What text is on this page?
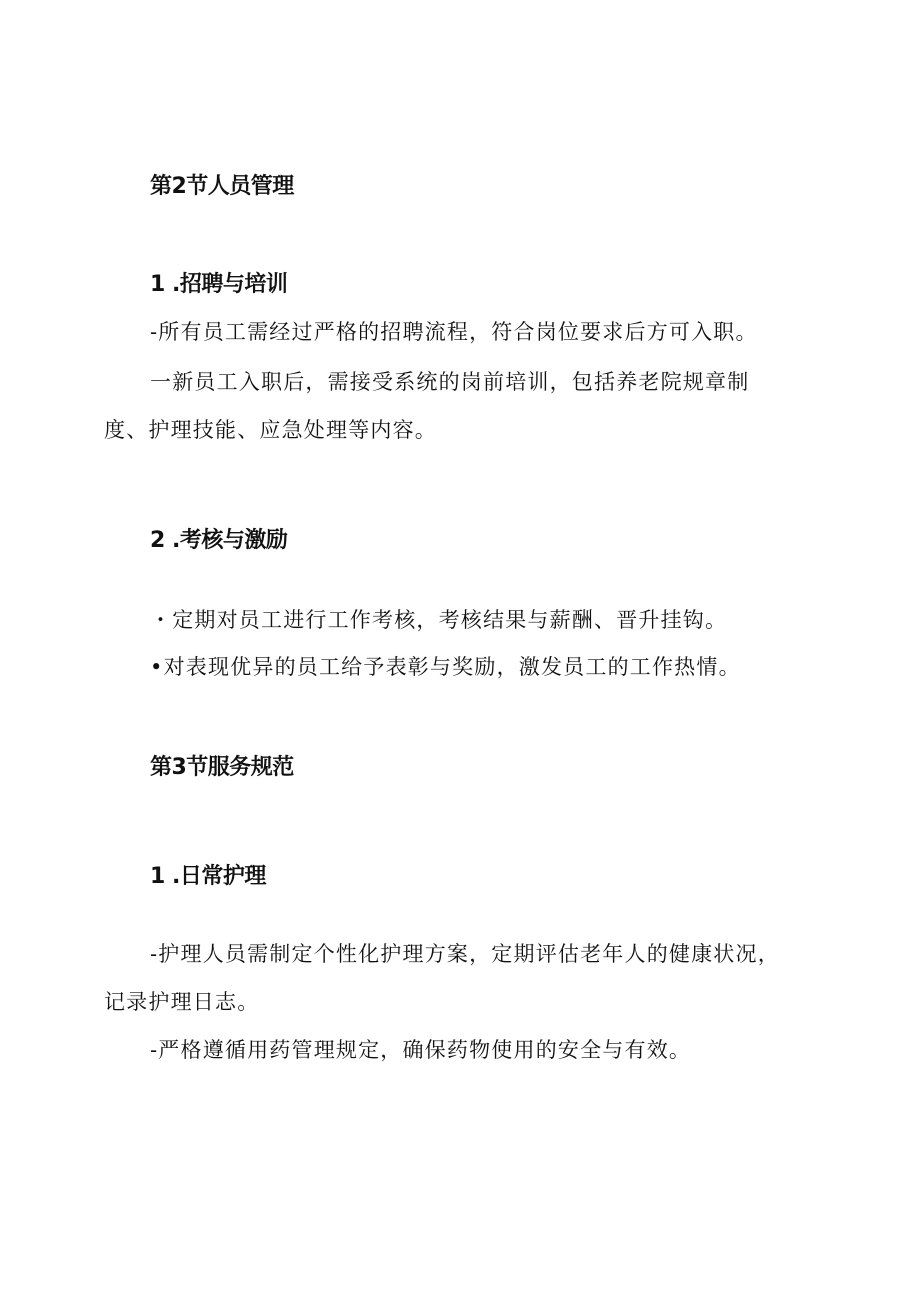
第2节人员管理
1 .招聘与培训

-所有员工需经过严格的招聘流程，符合岗位要求后方可入职。

一新员工入职后，需接受系统的岗前培训，包括养老院规章制

度、护理技能、应急处理等内容。

2 .考核与激励

・定期对员工进行工作考核，考核结果与薪酬、晋升挂钩。

•对表现优异的员工给予表彰与奖励，激发员工的工作热情。

第3节服务规范
1 .日常护理

-护理人员需制定个性化护理方案，定期评估老年人的健康状况，

记录护理日志。

-严格遵循用药管理规定，确保药物使用的安全与有效。
